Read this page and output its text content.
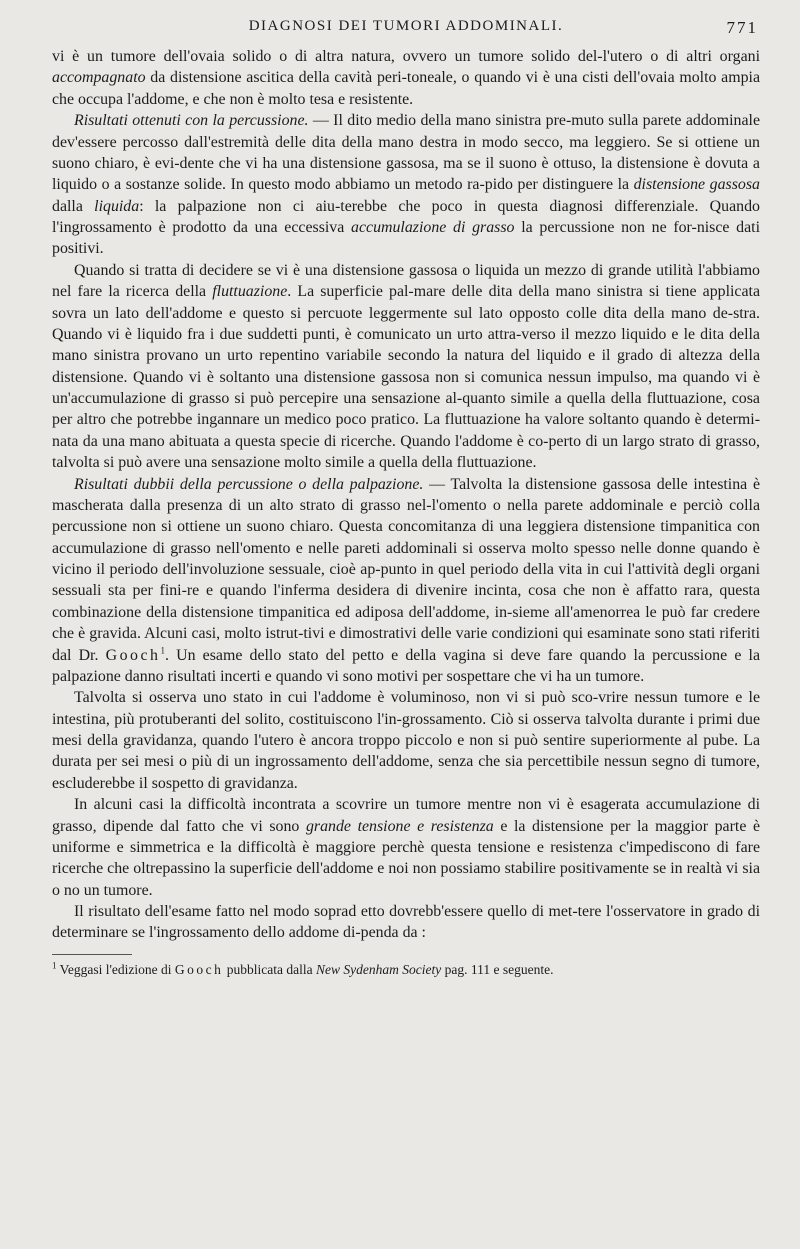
DIAGNOSI DEI TUMORI ADDOMINALI.	771

vi è un tumore dell'ovaia solido o di altra natura, ovvero un tumore solido del-l'utero o di altri organi accompagnato da distensione ascitica della cavità peri-toneale, o quando vi è una cisti dell'ovaia molto ampia che occupa l'addome, e che non è molto tesa e resistente.

Risultati ottenuti con la percussione. — Il dito medio della mano sinistra pre-muto sulla parete addominale dev'essere percosso dall'estremità delle dita della mano destra in modo secco, ma leggiero. Se si ottiene un suono chiaro, è evi-dente che vi ha una distensione gassosa, ma se il suono è ottuso, la distensione è dovuta a liquido o a sostanze solide. In questo modo abbiamo un metodo ra-pido per distinguere la distensione gassosa dalla liquida: la palpazione non ci aiu-terebbe che poco in questa diagnosi differenziale. Quando l'ingrossamento è prodotto da una eccessiva accumulazione di grasso la percussione non ne for-nisce dati positivi.

Quando si tratta di decidere se vi è una distensione gassosa o liquida un mezzo di grande utilità l'abbiamo nel fare la ricerca della fluttuazione. La superficie pal-mare delle dita della mano sinistra si tiene applicata sovra un lato dell'addome e questo si percuote leggermente sul lato opposto colle dita della mano de-stra. Quando vi è liquido fra i due suddetti punti, è comunicato un urto attra-verso il mezzo liquido e le dita della mano sinistra provano un urto repentino variabile secondo la natura del liquido e il grado di altezza della distensione. Quando vi è soltanto una distensione gassosa non si comunica nessun impulso, ma quando vi è un'accumulazione di grasso si può percepire una sensazione al-quanto simile a quella della fluttuazione, cosa per altro che potrebbe ingannare un medico poco pratico. La fluttuazione ha valore soltanto quando è determi-nata da una mano abituata a questa specie di ricerche. Quando l'addome è co-perto di un largo strato di grasso, talvolta si può avere una sensazione molto simile a quella della fluttuazione.

Risultati dubbii della percussione o della palpazione. — Talvolta la distensione gassosa delle intestina è mascherata dalla presenza di un alto strato di grasso nel-l'omento o nella parete addominale e perciò colla percussione non si ottiene un suono chiaro. Questa concomitanza di una leggiera distensione timpanitica con accumulazione di grasso nell'omento e nelle pareti addominali si osserva molto spesso nelle donne quando è vicino il periodo dell'involuzione sessuale, cioè ap-punto in quel periodo della vita in cui l'attività degli organi sessuali sta per fini-re e quando l'inferma desidera di divenire incinta, cosa che non è affatto rara, questa combinazione della distensione timpanitica ed adiposa dell'addome, in-sieme all'amenorrea le può far credere che è gravida. Alcuni casi, molto istrut-tivi e dimostrativi delle varie condizioni qui esaminate sono stati riferiti dal Dr. Gooch$^1$. Un esame dello stato del petto e della vagina si deve fare quando la percussione e la palpazione danno risultati incerti e quando vi sono motivi per sospettare che vi ha un tumore.

Talvolta si osserva uno stato in cui l'addome è voluminoso, non vi si può sco-vrire nessun tumore e le intestina, più protuberanti del solito, costituiscono l'in-grossamento. Ciò si osserva talvolta durante i primi due mesi della gravidanza, quando l'utero è ancora troppo piccolo e non si può sentire superiormente al pube. La durata per sei mesi o più di un ingrossamento dell'addome, senza che sia percettibile nessun segno di tumore, escluderebbe il sospetto di gravidanza.

In alcuni casi la difficoltà incontrata a scovrire un tumore mentre non vi è esagerata accumulazione di grasso, dipende dal fatto che vi sono grande tensione e resistenza e la distensione per la maggior parte è uniforme e simmetrica e la difficoltà è maggiore perchè questa tensione e resistenza c'impediscono di fare ricerche che oltrepassino la superficie dell'addome e noi non possiamo stabilire positivamente se in realtà vi sia o no un tumore.

Il risultato dell'esame fatto nel modo soprad etto dovrebb'essere quello di met-tere l'osservatore in grado di determinare se l'ingrossamento dello addome di-penda da :

$^1$ Veggasi l'edizione di Gooch pubblicata dalla New Sydenham Society pag. 111 e seguente.
